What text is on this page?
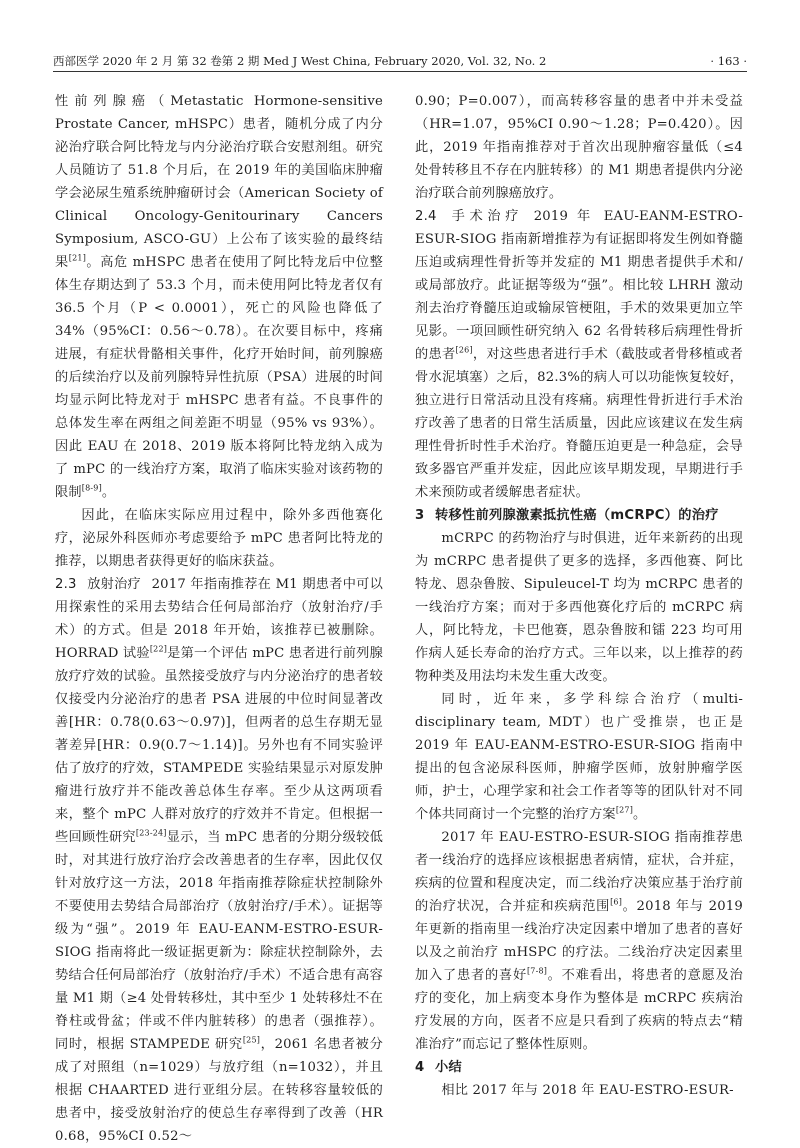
西部医学 2020 年 2 月 第 32 卷第 2 期 Med J West China, February 2020, Vol. 32, No. 2	· 163 ·

性前列腺癌（Metastatic Hormone-sensitive Prostate Cancer, mHSPC）患者，随机分成了内分泌治疗联合阿比特龙与内分泌治疗联合安慰剂组。研究人员随访了 51.8 个月后，在 2019 年的美国临床肿瘤学会泌尿生殖系统肿瘤研讨会（American Society of Clinical Oncology-Genitourinary Cancers Symposium, ASCO-GU）上公布了该实验的最终结果[21]。高危 mHSPC 患者在使用了阿比特龙后中位整体生存期达到了 53.3 个月，而未使用阿比特龙者仅有 36.5 个月（P < 0.0001），死亡的风险也降低了 34%（95%CI：0.56～0.78）。在次要目标中，疼痛进展，有症状骨骼相关事件，化疗开始时间，前列腺癌的后续治疗以及前列腺特异性抗原（PSA）进展的时间均显示阿比特龙对于 mHSPC 患者有益。不良事件的总体发生率在两组之间差距不明显（95% vs 93%）。因此 EAU 在 2018、2019 版本将阿比特龙纳入成为了 mPC 的一线治疗方案，取消了临床实验对该药物的限制[8-9]。

因此，在临床实际应用过程中，除外多西他赛化疗，泌尿外科医师亦考虑要给予 mPC 患者阿比特龙的推荐，以期患者获得更好的临床获益。

2.3 放射治疗 2017 年指南推荐在 M1 期患者中可以用探索性的采用去势结合任何局部治疗（放射治疗/手术）的方式。但是 2018 年开始，该推荐已被删除。HORRAD 试验[22]是第一个评估 mPC 患者进行前列腺放疗疗效的试验。虽然接受放疗与内分泌治疗的患者较仅接受内分泌治疗的患者 PSA 进展的中位时间显著改善[HR：0.78(0.63～0.97)]，但两者的总生存期无显著差异[HR：0.9(0.7～1.14)]。另外也有不同实验评估了放疗的疗效，STAMPEDE 实验结果显示对原发肿瘤进行放疗并不能改善总体生存率。至少从这两项看来，整个 mPC 人群对放疗的疗效并不肯定。但根据一些回顾性研究[23-24]显示，当 mPC 患者的分期分级较低时，对其进行放疗治疗会改善患者的生存率，因此仅仅针对放疗这一方法，2018 年指南推荐除症状控制除外不要使用去势结合局部治疗（放射治疗/手术）。证据等级为“强”。2019 年 EAU-EANM-ESTRO-ESUR-SIOG 指南将此一级证据更新为：除症状控制除外，去势结合任何局部治疗（放射治疗/手术）不适合患有高容量 M1 期（≥4 处骨转移灶，其中至少 1 处转移灶不在脊柱或骨盆；伴或不伴内脏转移）的患者（强推荐）。同时，根据 STAMPEDE 研究[25]，2061 名患者被分成了对照组（n=1029）与放疗组（n=1032），并且根据 CHAARTED 进行亚组分层。在转移容量较低的患者中，接受放射治疗的使总生存率得到了改善（HR 0.68，95%CI 0.52～

0.90；P=0.007），而高转移容量的患者中并未受益（HR=1.07，95%CI 0.90～1.28；P=0.420）。因此，2019 年指南推荐对于首次出现肿瘤容量低（≤4 处骨转移且不存在内脏转移）的 M1 期患者提供内分泌治疗联合前列腺癌放疗。

2.4 手术治疗 2019 年 EAU-EANM-ESTRO-ESUR-SIOG 指南新增推荐为有证据即将发生例如脊髓压迫或病理性骨折等并发症的 M1 期患者提供手术和/或局部放疗。此证据等级为“强”。相比较 LHRH 激动剂去治疗脊髓压迫或输尿管梗阻，手术的效果更加立竿见影。一项回顾性研究纳入 62 名骨转移后病理性骨折的患者[26]，对这些患者进行手术（截肢或者骨移植或者骨水泥填塞）之后，82.3%的病人可以功能恢复较好，独立进行日常活动且没有疼痛。病理性骨折进行手术治疗改善了患者的日常生活质量，因此应该建议在发生病理性骨折时性手术治疗。脊髓压迫更是一种急症，会导致多器官严重并发症，因此应该早期发现，早期进行手术来预防或者缓解患者症状。

3 转移性前列腺激素抵抗性癌（mCRPC）的治疗

mCRPC 的药物治疗与时俱进，近年来新药的出现为 mCRPC 患者提供了更多的选择，多西他赛、阿比特龙、恩杂鲁胺、Sipuleucel-T 均为 mCRPC 患者的一线治疗方案；而对于多西他赛化疗后的 mCRPC 病人，阿比特龙，卡巴他赛，恩杂鲁胺和镭 223 均可用作病人延长寿命的治疗方式。三年以来，以上推荐的药物种类及用法均未发生重大改变。

同时，近年来，多学科综合治疗（multi-disciplinary team, MDT）也广受推崇，也正是 2019 年 EAU-EANM-ESTRO-ESUR-SIOG 指南中提出的包含泌尿科医师，肿瘤学医师，放射肿瘤学医师，护士，心理学家和社会工作者等等的团队针对不同个体共同商讨一个完整的治疗方案[27]。

2017 年 EAU-ESTRO-ESUR-SIOG 指南推荐患者一线治疗的选择应该根据患者病情，症状，合并症，疾病的位置和程度决定，而二线治疗决策应基于治疗前的治疗状况，合并症和疾病范围[6]。2018 年与 2019 年更新的指南里一线治疗决定因素中增加了患者的喜好以及之前治疗 mHSPC 的疗法。二线治疗决定因素里加入了患者的喜好[7-8]。不难看出，将患者的意愿及治疗的变化，加上病变本身作为整体是 mCRPC 疾病治疗发展的方向，医者不应是只看到了疾病的特点去“精准治疗”而忘记了整体性原则。

4 小结

相比 2017 年与 2018 年 EAU-ESTRO-ESUR-
